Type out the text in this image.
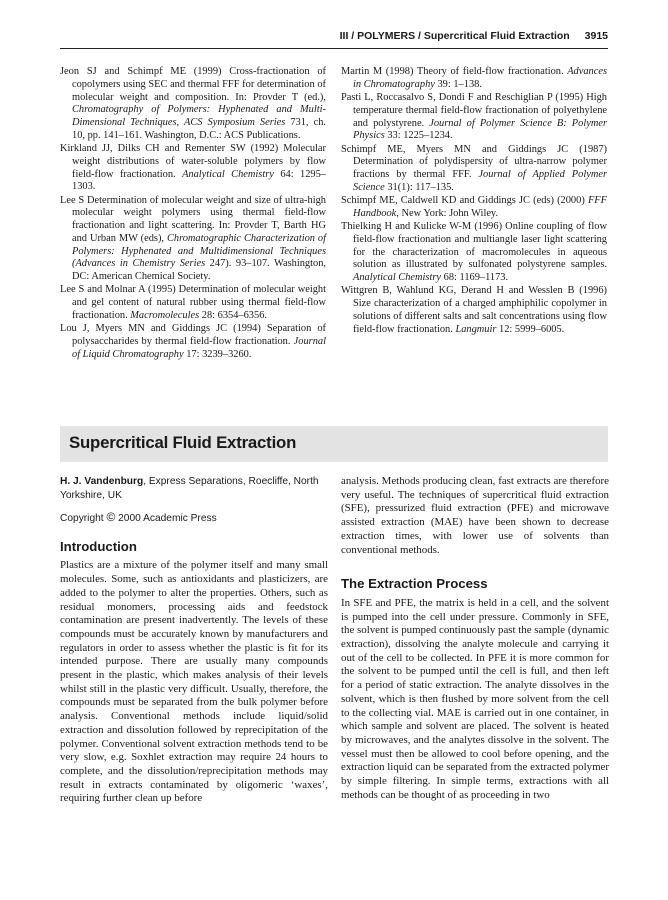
III / POLYMERS / Supercritical Fluid Extraction 3915

Jeon SJ and Schimpf ME (1999) Cross-fractionation of copolymers using SEC and thermal FFF for determination of molecular weight and composition. In: Provder T (ed.), Chromatography of Polymers: Hyphenated and Multi-Dimensional Techniques, ACS Symposium Series 731, ch. 10, pp. 141–161. Washington, D.C.: ACS Publications.

Kirkland JJ, Dilks CH and Rementer SW (1992) Molecular weight distributions of water-soluble polymers by flow field-flow fractionation. Analytical Chemistry 64: 1295–1303.

Lee S Determination of molecular weight and size of ultra-high molecular weight polymers using thermal field-flow fractionation and light scattering. In: Provder T, Barth HG and Urban MW (eds), Chromatographic Characterization of Polymers: Hyphenated and Multidimensional Techniques (Advances in Chemistry Series 247). 93–107. Washington, DC: American Chemical Society.

Lee S and Molnar A (1995) Determination of molecular weight and gel content of natural rubber using thermal field-flow fractionation. Macromolecules 28: 6354–6356.

Lou J, Myers MN and Giddings JC (1994) Separation of polysaccharides by thermal field-flow fractionation. Journal of Liquid Chromatography 17: 3239–3260.

Martin M (1998) Theory of field-flow fractionation. Advances in Chromatography 39: 1–138.

Pasti L, Roccasalvo S, Dondi F and Reschiglian P (1995) High temperature thermal field-flow fractionation of polyethylene and polystyrene. Journal of Polymer Science B: Polymer Physics 33: 1225–1234.

Schimpf ME, Myers MN and Giddings JC (1987) Determination of polydispersity of ultra-narrow polymer fractions by thermal FFF. Journal of Applied Polymer Science 31(1): 117–135.

Schimpf ME, Caldwell KD and Giddings JC (eds) (2000) FFF Handbook, New York: John Wiley.

Thielking H and Kulicke W-M (1996) Online coupling of flow field-flow fractionation and multiangle laser light scattering for the characterization of macromolecules in aqueous solution as illustrated by sulfonated polystyrene samples. Analytical Chemistry 68: 1169–1173.

Wittgren B, Wahlund KG, Derand H and Wesslen B (1996) Size characterization of a charged amphiphilic copolymer in solutions of different salts and salt concentrations using flow field-flow fractionation. Langmuir 12: 5999–6005.

Supercritical Fluid Extraction

H. J. Vandenburg, Express Separations, Roecliffe, North Yorkshire, UK

Copyright © 2000 Academic Press

Introduction

Plastics are a mixture of the polymer itself and many small molecules. Some, such as antioxidants and plasticizers, are added to the polymer to alter the properties. Others, such as residual monomers, processing aids and feedstock contamination are present inadvertently. The levels of these compounds must be accurately known by manufacturers and regulators in order to assess whether the plastic is fit for its intended purpose. There are usually many compounds present in the plastic, which makes analysis of their levels whilst still in the plastic very difficult. Usually, therefore, the compounds must be separated from the bulk polymer before analysis. Conventional methods include liquid/solid extraction and dissolution followed by reprecipitation of the polymer. Conventional solvent extraction methods tend to be very slow, e.g. Soxhlet extraction may require 24 hours to complete, and the dissolution/reprecipitation methods may result in extracts contaminated by oligomeric ‘waxes’, requiring further clean up before

analysis. Methods producing clean, fast extracts are therefore very useful. The techniques of supercritical fluid extraction (SFE), pressurized fluid extraction (PFE) and microwave assisted extraction (MAE) have been shown to decrease extraction times, with lower use of solvents than conventional methods.

The Extraction Process

In SFE and PFE, the matrix is held in a cell, and the solvent is pumped into the cell under pressure. Commonly in SFE, the solvent is pumped continuously past the sample (dynamic extraction), dissolving the analyte molecule and carrying it out of the cell to be collected. In PFE it is more common for the solvent to be pumped until the cell is full, and then left for a period of static extraction. The analyte dissolves in the solvent, which is then flushed by more solvent from the cell to the collecting vial. MAE is carried out in one container, in which sample and solvent are placed. The solvent is heated by microwaves, and the analytes dissolve in the solvent. The vessel must then be allowed to cool before opening, and the extraction liquid can be separated from the extracted polymer by simple filtering. In simple terms, extractions with all methods can be thought of as proceeding in two
